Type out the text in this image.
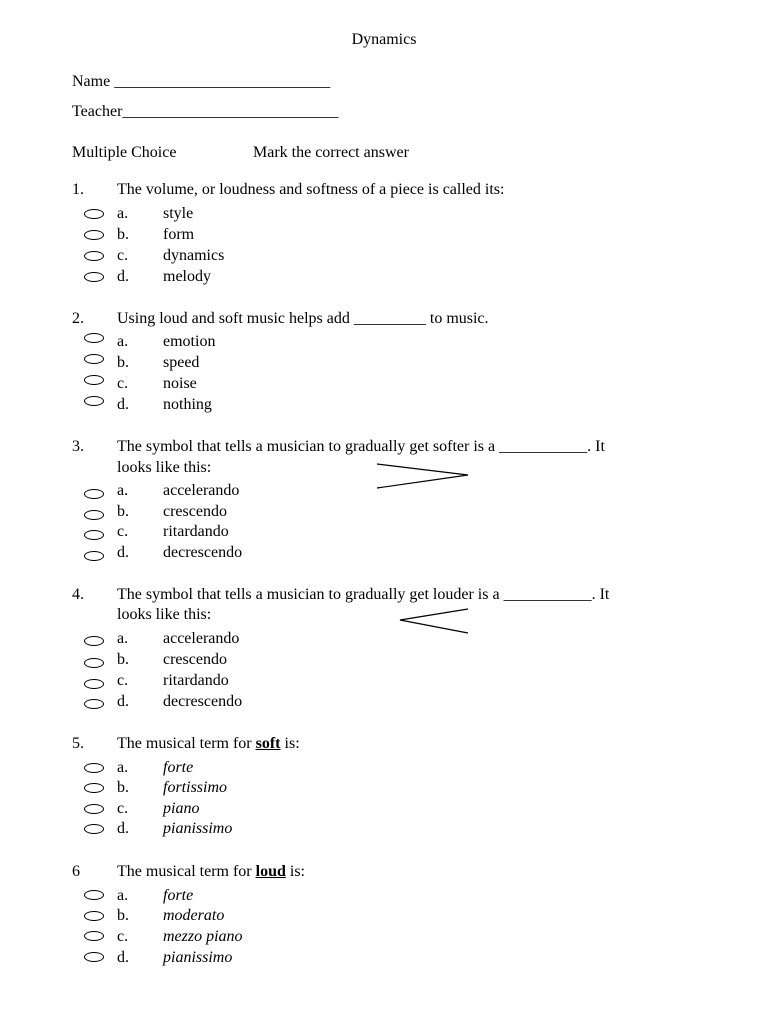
Dynamics
Name ___________________________
Teacher___________________________
Multiple Choice	Mark the correct answer
1. The volume, or loudness and softness of a piece is called its:
a. style
b. form
c. dynamics
d. melody
2. Using loud and soft music helps add _________ to music.
a. emotion
b. speed
c. noise
d. nothing
3. The symbol that tells a musician to gradually get softer is a ___________. It
looks like this:
a. accelerando
b. crescendo
c. ritardando
d. decrescendo
4. The symbol that tells a musician to gradually get louder is a ___________. It
looks like this:
a. accelerando
b. crescendo
c. ritardando
d. decrescendo
5. The musical term for soft is:
a. forte
b. fortissimo
c. piano
d. pianissimo
6 The musical term for loud is:
a. forte
b. moderato
c. mezzo piano
d. pianissimo
